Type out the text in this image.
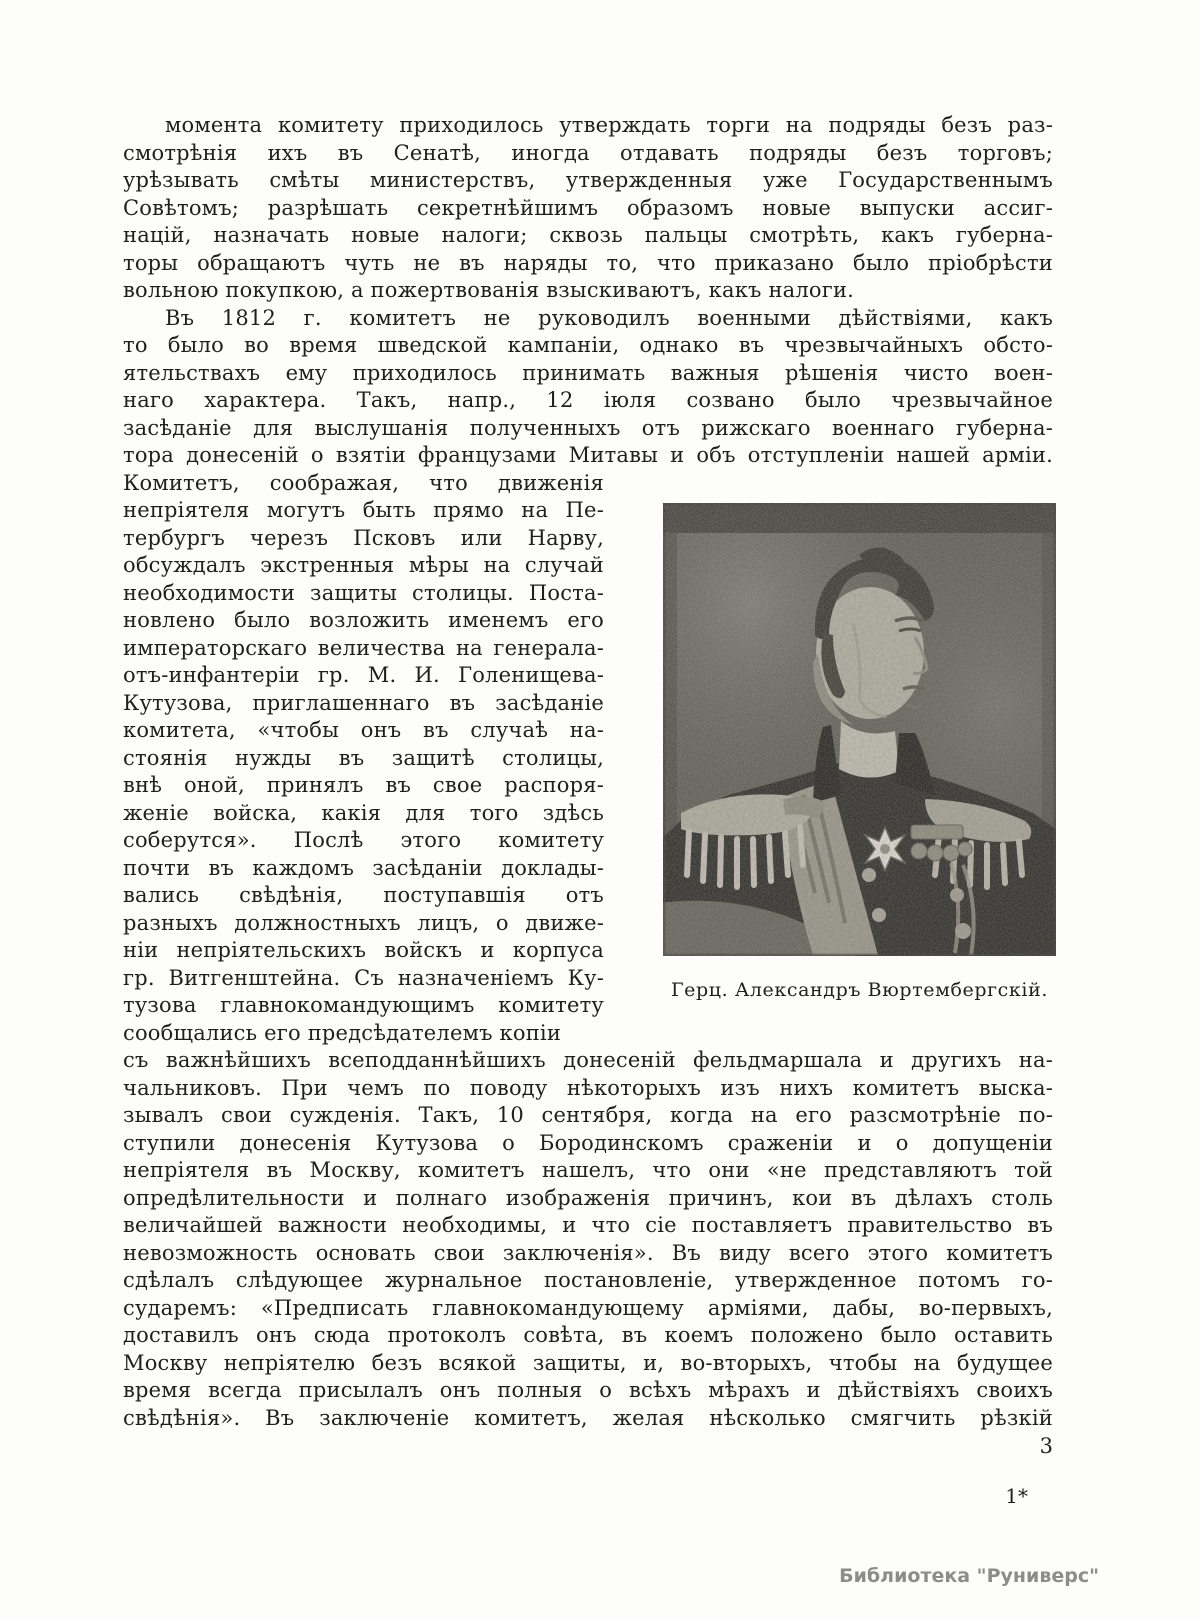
момента комитету приходилось утверждать торги на подряды безъ раз-
смотрѣнія ихъ въ Сенатѣ, иногда отдавать подряды безъ торговъ;
урѣзывать смѣты министерствъ, утвержденныя уже Государственнымъ
Совѣтомъ; разрѣшать секретнѣйшимъ образомъ новые выпуски ассиг-
націй, назначать новые налоги; сквозь пальцы смотрѣть, какъ губерна-
торы обращаютъ чуть не въ наряды то, что приказано было пріобрѣсти
вольною покупкою, а пожертвованія взыскиваютъ, какъ налоги.
Въ 1812 г. комитетъ не руководилъ военными дѣйствіями, какъ
то было во время шведской кампаніи, однако въ чрезвычайныхъ обсто-
ятельствахъ ему приходилось принимать важныя рѣшенія чисто воен-
наго характера. Такъ, напр., 12 іюля созвано было чрезвычайное
засѣданіе для выслушанія полученныхъ отъ рижскаго военнаго губерна-
тора донесеній о взятіи французами Митавы и объ отступленіи нашей арміи.
Комитетъ, соображая, что движенія
непріятеля могутъ быть прямо на Пе-
тербургъ черезъ Псковъ или Нарву,
обсуждалъ экстренныя мѣры на случай
необходимости защиты столицы. Поста-
новлено было возложить именемъ его
императорскаго величества на генерала-
отъ-инфантеріи гр. М. И. Голенищева-
Кутузова, приглашеннаго въ засѣданіе
комитета, «чтобы онъ въ случаѣ на-
стоянія нужды въ защитѣ столицы,
внѣ оной, принялъ въ свое распоря-
женіе войска, какія для того здѣсь
соберутся». Послѣ этого комитету
почти въ каждомъ засѣданіи доклады-
вались свѣдѣнія, поступавшія отъ
разныхъ должностныхъ лицъ, о движе-
ніи непріятельскихъ войскъ и корпуса
гр. Витгенштейна. Съ назначеніемъ Ку-
тузова главнокомандующимъ комитету
сообщались его предсѣдателемъ копіи
съ важнѣйшихъ всеподданнѣйшихъ донесеній фельдмаршала и другихъ на-
чальниковъ. При чемъ по поводу нѣкоторыхъ изъ нихъ комитетъ выска-
зывалъ свои сужденія. Такъ, 10 сентября, когда на его разсмотрѣніе по-
ступили донесенія Кутузова о Бородинскомъ сраженіи и о допущеніи
непріятеля въ Москву, комитетъ нашелъ, что они «не представляютъ той
опредѣлительности и полнаго изображенія причинъ, кои въ дѣлахъ столь
величайшей важности необходимы, и что сіе поставляетъ правительство въ
невозможность основать свои заключенія». Въ виду всего этого комитетъ
сдѣлалъ слѣдующее журнальное постановленіе, утвержденное потомъ го-
сударемъ: «Предписать главнокомандующему арміями, дабы, во-первыхъ,
доставилъ онъ сюда протоколъ совѣта, въ коемъ положено было оставить
Москву непріятелю безъ всякой защиты, и, во-вторыхъ, чтобы на будущее
время всегда присылалъ онъ полныя о всѣхъ мѣрахъ и дѣйствіяхъ своихъ
свѣдѣнія». Въ заключеніе комитетъ, желая нѣсколько смягчить рѣзкій
Герц. Александръ Вюртембергскій.
3
1*
Библиотека "Руниверс"
